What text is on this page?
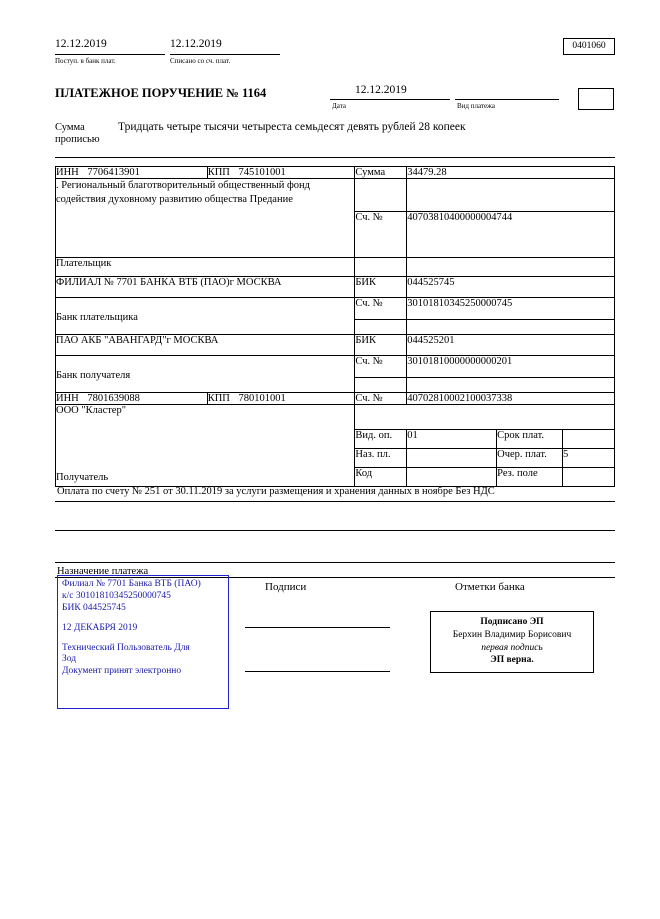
12.12.2019
Поступ. в банк плат.
12.12.2019
Списано со сч. плат.
0401060
ПЛАТЕЖНОЕ ПОРУЧЕНИЕ № 1164	12.12.2019
Дата	Вид платежа
Сумма
прописью
Тридцать четыре тысячи четыреста семьдесят девять рублей 28 копеек
ИНН 7706413901	КПП 745101001	Сумма	34479.28		

. Региональный благотворительный общественный фонд содействия духовному развитию общества Предание					

		Сч. №	40703810400000004744		
Плательщик					
ФИЛИАЛ № 7701 БАНКА ВТБ (ПАО)г МОСКВА		БИК	044525745		

Банк плательщика		Сч. №	30101810345250000745		

ПАО АКБ "АВАНГАРД"г МОСКВА		БИК	044525201		

Банк получателя		Сч. №	30101810000000000201		

ИНН 7801639088	КПП 780101001	Сч. №	40702810002100037338		

ООО "Кластер"
Получатель					

		Вид. оп.	01	Срок плат.	
		Наз. пл.		Очер. плат.	5
		Код		Рез. поле	
Оплата по счету № 251 от 30.11.2019 за услуги размещения и хранения данных в ноябре Без НДС
Назначение платежа
Подписи	Отметки банка
Филиал № 7701 Банка ВТБ (ПАО)
к/с 30101810345250000745
БИК 044525745
12 ДЕКАБРЯ 2019
Технический Пользователь Для
Зод
Документ принят электронно
Подписано ЭП
Берхин Владимир Борисович
первая подпись
ЭП верна.
